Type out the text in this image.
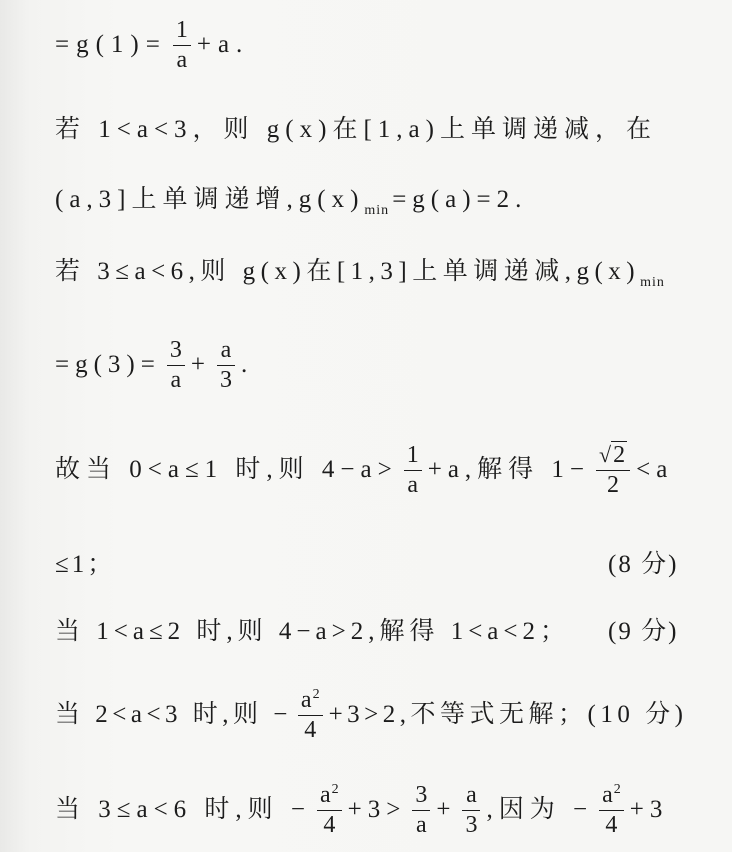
$=g(1)= \frac{1}{a} +a$.
若 1<a<3，则 g(x)在[1,a)上单调递减，在
(a,3]上单调递增,g(x) min =g(a)=2.
若 3≤a<6,则 g(x)在[1,3]上单调递减,g(x) min
$=g(3)= \frac{3}{a} + \frac{a}{3}$ .
故当 0<a≤1 时,则 $4-a> \frac{1}{a} +a$,解得 $1- \frac{√2}{2} <a$
≤1；	(8 分)
当 1<a≤2 时,则 4−a>2,解得 1<a<2； (9 分)
当 2<a<3 时,则 − $\frac{a^2}{4} +3>2$,不等式无解； (10 分)
当 3≤a<6 时,则 − $\frac{a^2}{4} +3> \frac{3}{a} + \frac{a}{3}$ ,因为 − $\frac{a^2}{4} +3$
